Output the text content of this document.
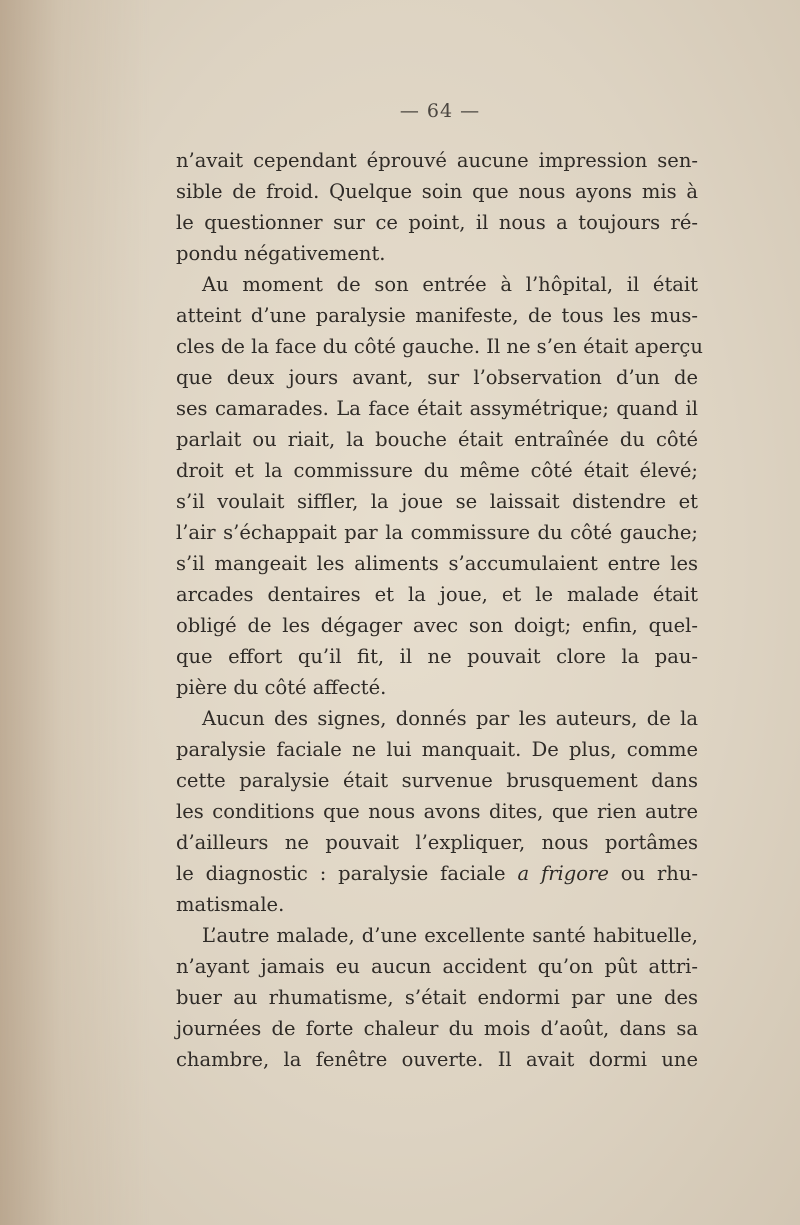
— 64 —
n’avait cependant éprouvé aucune impression sen-
sible de froid. Quelque soin que nous ayons mis à
le questionner sur ce point, il nous a toujours ré-
pondu négativement.
Au moment de son entrée à l’hôpital, il était
atteint d’une paralysie manifeste, de tous les mus-
cles de la face du côté gauche. Il ne s’en était aperçu
que deux jours avant, sur l’observation d’un de
ses camarades. La face était assymétrique; quand il
parlait ou riait, la bouche était entraînée du côté
droit et la commissure du même côté était élevé;
s’il voulait siffler, la joue se laissait distendre et
l’air s’échappait par la commissure du côté gauche;
s’il mangeait les aliments s’accumulaient entre les
arcades dentaires et la joue, et le malade était
obligé de les dégager avec son doigt; enfin, quel-
que effort qu’il fit, il ne pouvait clore la pau-
pière du côté affecté.
Aucun des signes, donnés par les auteurs, de la
paralysie faciale ne lui manquait. De plus, comme
cette paralysie était survenue brusquement dans
les conditions que nous avons dites, que rien autre
d’ailleurs ne pouvait l’expliquer, nous portâmes
le diagnostic : paralysie faciale a frigore ou rhu-
matismale.
L’autre malade, d’une excellente santé habituelle,
n’ayant jamais eu aucun accident qu’on pût attri-
buer au rhumatisme, s’était endormi par une des
journées de forte chaleur du mois d’août, dans sa
chambre, la fenêtre ouverte. Il avait dormi une
